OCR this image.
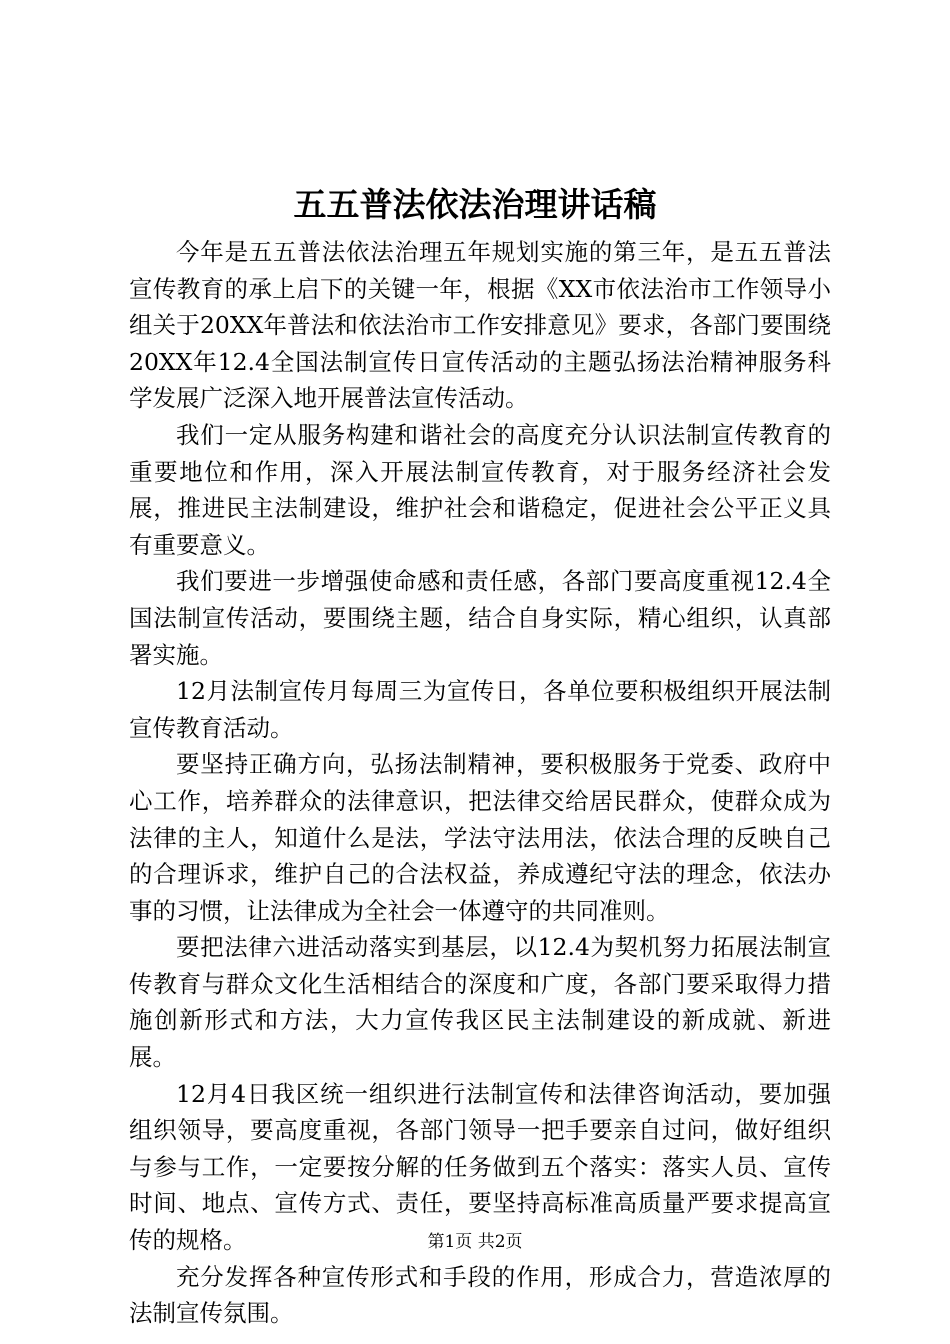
五五普法依法治理讲话稿

今年是五五普法依法治理五年规划实施的第三年，是五五普法宣传教育的承上启下的关键一年，根据《XX市依法治市工作领导小组关于20XX年普法和依法治市工作安排意见》要求，各部门要围绕20XX年12.4全国法制宣传日宣传活动的主题弘扬法治精神服务科学发展广泛深入地开展普法宣传活动。

我们一定从服务构建和谐社会的高度充分认识法制宣传教育的重要地位和作用，深入开展法制宣传教育，对于服务经济社会发展，推进民主法制建设，维护社会和谐稳定，促进社会公平正义具有重要意义。

我们要进一步增强使命感和责任感，各部门要高度重视12.4全国法制宣传活动，要围绕主题，结合自身实际，精心组织，认真部署实施。

12月法制宣传月每周三为宣传日，各单位要积极组织开展法制宣传教育活动。

要坚持正确方向，弘扬法制精神，要积极服务于党委、政府中心工作，培养群众的法律意识，把法律交给居民群众，使群众成为法律的主人，知道什么是法，学法守法用法，依法合理的反映自己的合理诉求，维护自己的合法权益，养成遵纪守法的理念，依法办事的习惯，让法律成为全社会一体遵守的共同准则。

要把法律六进活动落实到基层，以12.4为契机努力拓展法制宣传教育与群众文化生活相结合的深度和广度，各部门要采取得力措施创新形式和方法，大力宣传我区民主法制建设的新成就、新进展。

12月4日我区统一组织进行法制宣传和法律咨询活动，要加强组织领导，要高度重视，各部门领导一把手要亲自过问，做好组织与参与工作，一定要按分解的任务做到五个落实：落实人员、宣传时间、地点、宣传方式、责任，要坚持高标准高质量严要求提高宣传的规格。

充分发挥各种宣传形式和手段的作用，形成合力，营造浓厚的法制宣传氛围。

第1页 共2页
